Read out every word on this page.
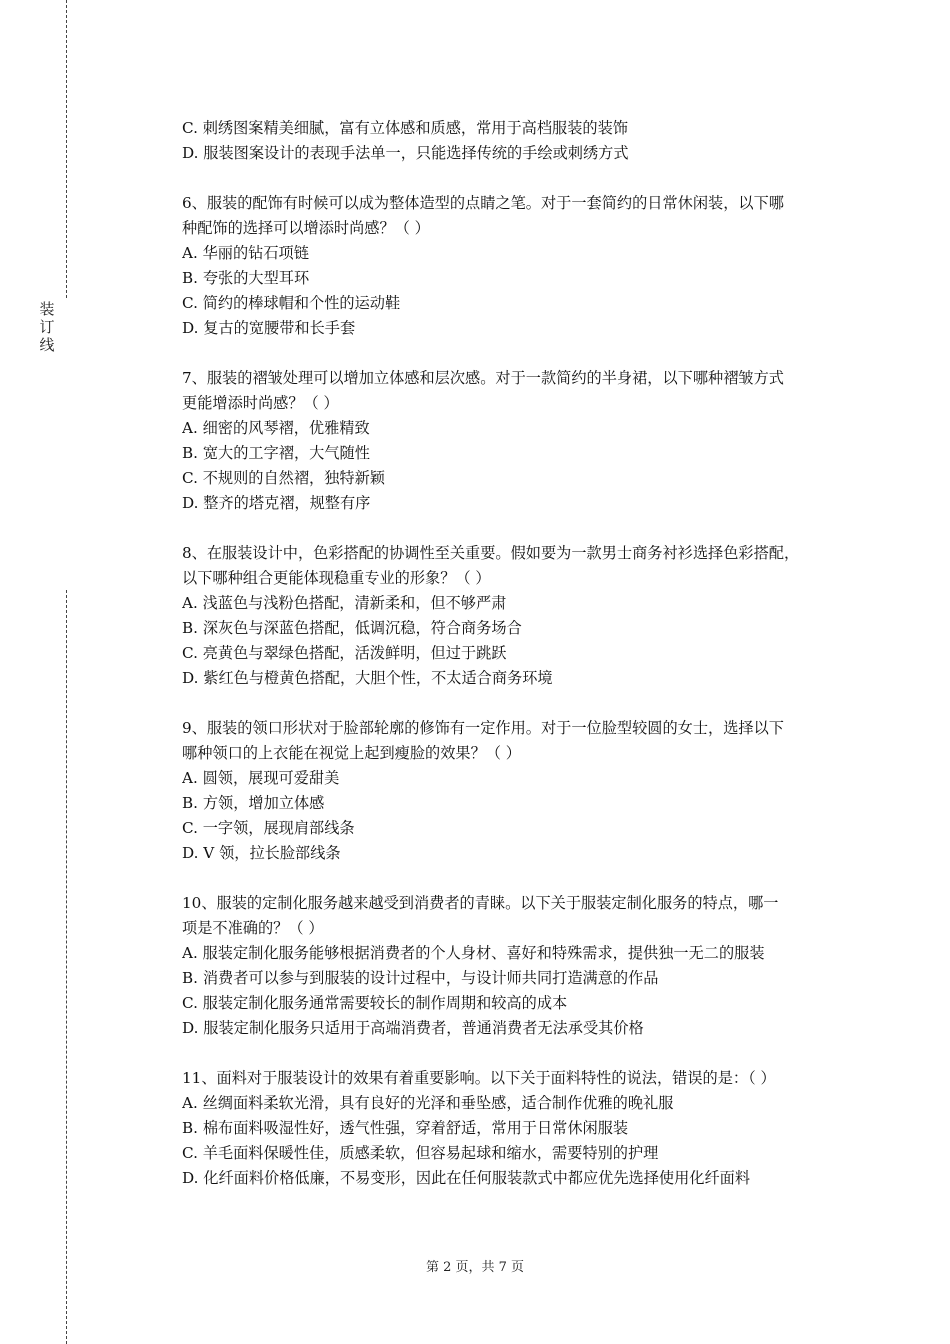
装
订
线
C. 刺绣图案精美细腻，富有立体感和质感，常用于高档服装的装饰
D. 服装图案设计的表现手法单一，只能选择传统的手绘或刺绣方式
6、服装的配饰有时候可以成为整体造型的点睛之笔。对于一套简约的日常休闲装，以下哪
种配饰的选择可以增添时尚感？（ ）
A. 华丽的钻石项链
B. 夸张的大型耳环
C. 简约的棒球帽和个性的运动鞋
D. 复古的宽腰带和长手套
7、服装的褶皱处理可以增加立体感和层次感。对于一款简约的半身裙，以下哪种褶皱方式
更能增添时尚感？（ ）
A. 细密的风琴褶，优雅精致
B. 宽大的工字褶，大气随性
C. 不规则的自然褶，独特新颖
D. 整齐的塔克褶，规整有序
8、在服装设计中，色彩搭配的协调性至关重要。假如要为一款男士商务衬衫选择色彩搭配，
以下哪种组合更能体现稳重专业的形象？（ ）
A. 浅蓝色与浅粉色搭配，清新柔和，但不够严肃
B. 深灰色与深蓝色搭配，低调沉稳，符合商务场合
C. 亮黄色与翠绿色搭配，活泼鲜明，但过于跳跃
D. 紫红色与橙黄色搭配，大胆个性，不太适合商务环境
9、服装的领口形状对于脸部轮廓的修饰有一定作用。对于一位脸型较圆的女士，选择以下
哪种领口的上衣能在视觉上起到瘦脸的效果？（ ）
A. 圆领，展现可爱甜美
B. 方领，增加立体感
C. 一字领，展现肩部线条
D. V 领，拉长脸部线条
10、服装的定制化服务越来越受到消费者的青睐。以下关于服装定制化服务的特点，哪一
项是不准确的？（ ）
A. 服装定制化服务能够根据消费者的个人身材、喜好和特殊需求，提供独一无二的服装
B. 消费者可以参与到服装的设计过程中，与设计师共同打造满意的作品
C. 服装定制化服务通常需要较长的制作周期和较高的成本
D. 服装定制化服务只适用于高端消费者，普通消费者无法承受其价格
11、面料对于服装设计的效果有着重要影响。以下关于面料特性的说法，错误的是：（ ）
A. 丝绸面料柔软光滑，具有良好的光泽和垂坠感，适合制作优雅的晚礼服
B. 棉布面料吸湿性好，透气性强，穿着舒适，常用于日常休闲服装
C. 羊毛面料保暖性佳，质感柔软，但容易起球和缩水，需要特别的护理
D. 化纤面料价格低廉，不易变形，因此在任何服装款式中都应优先选择使用化纤面料
第 2 页，共 7 页
